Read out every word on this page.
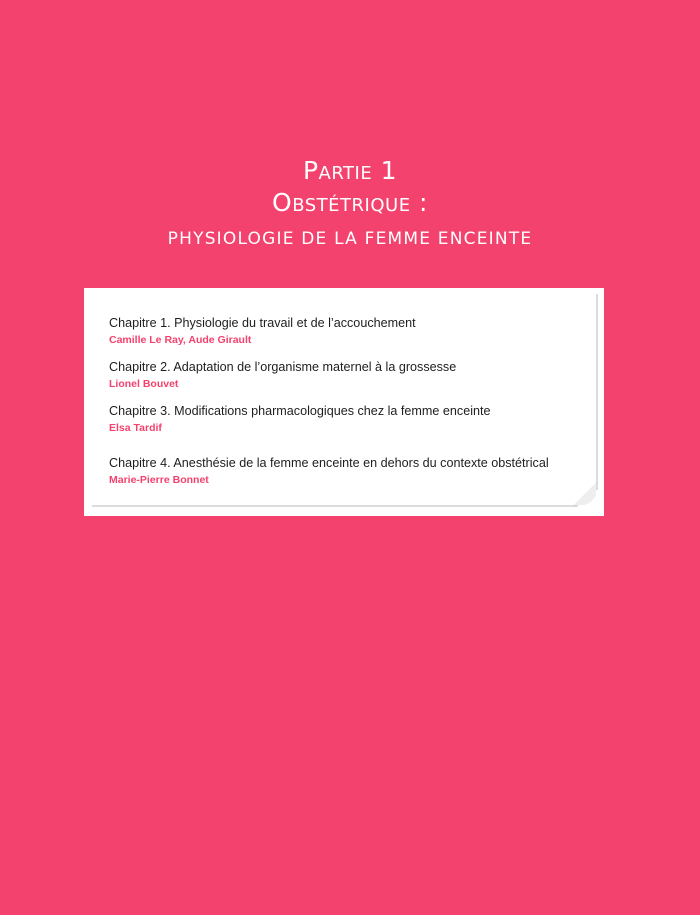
Partie 1
Obstétrique :
PHYSIOLOGIE DE LA FEMME ENCEINTE
Chapitre 1. Physiologie du travail et de l’accouchement
Camille Le Ray, Aude Girault
Chapitre 2. Adaptation de l’organisme maternel à la grossesse
Lionel Bouvet
Chapitre 3. Modifications pharmacologiques chez la femme enceinte
Elsa Tardif
Chapitre 4. Anesthésie de la femme enceinte en dehors du contexte obstétrical
Marie-Pierre Bonnet
